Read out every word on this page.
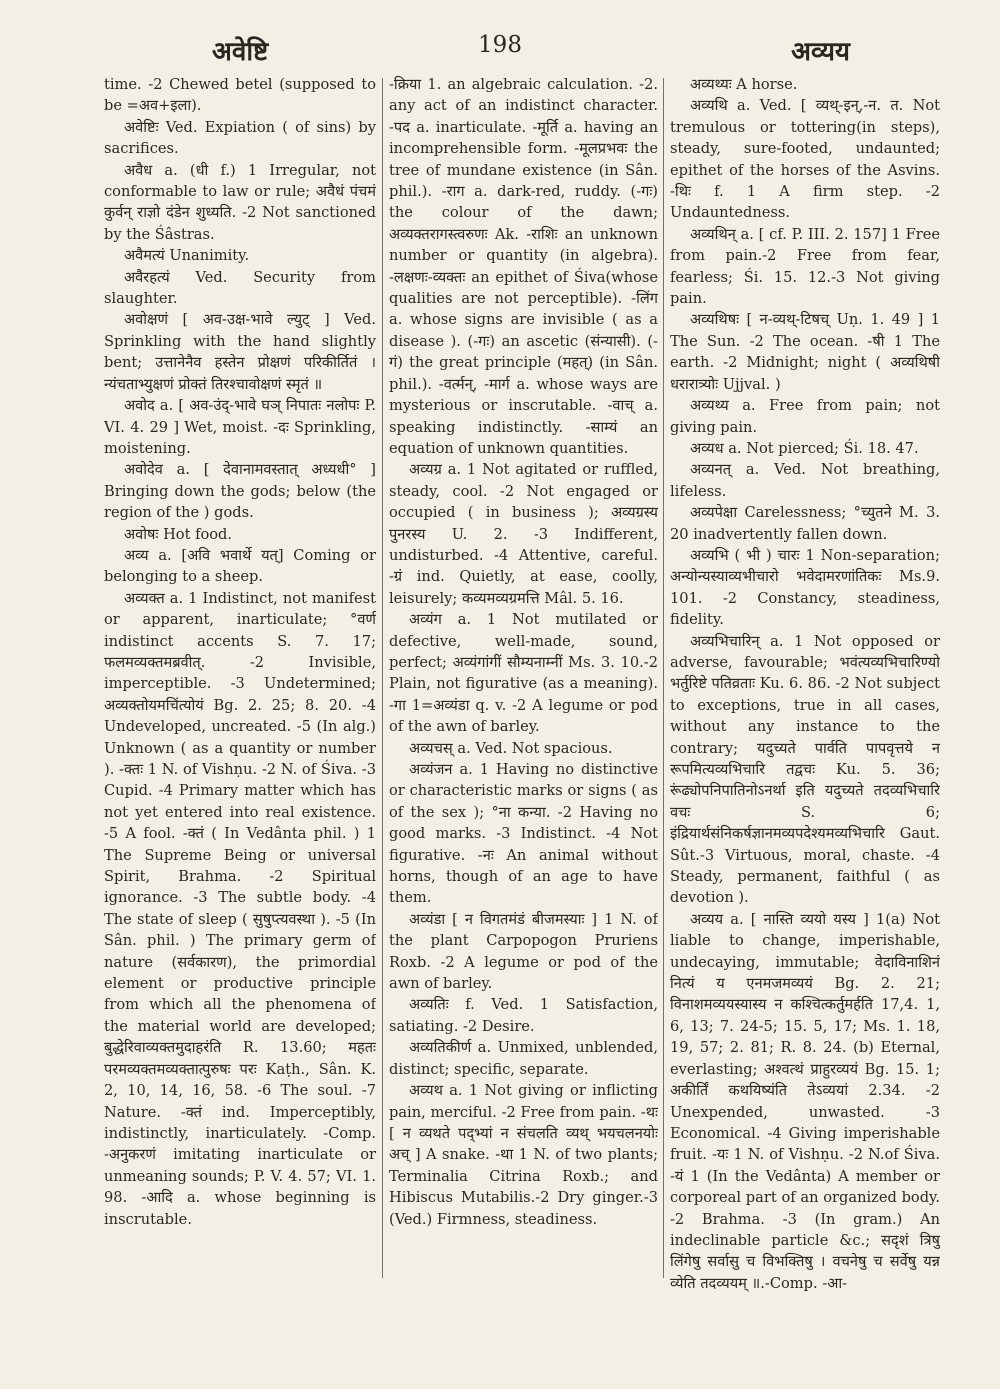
अवेष्टि	198	अव्यय

time. -2 Chewed betel (supposed to be =अव+इला).

अवेष्टिः Ved. Expiation ( of sins) by sacrifices.

अवैध a. (धी f.) 1 Irregular, not conformable to law or rule; अवैधं पंचमं कुर्वन् राज्ञो दंडेन शुध्यति. -2 Not sanctioned by the Śâstras.

अवैमत्यं Unanimity.

अवैरहत्यं Ved. Security from slaughter.

अवोक्षणं [ अव-उक्ष-भावे ल्युट् ] Ved. Sprinkling with the hand slightly bent; उत्तानेनैव हस्तेन प्रोक्षणं परिकीर्तितं । न्यंचताभ्युक्षणं प्रोक्तं तिरश्चावोक्षणं स्मृतं ॥

अवोद a. [ अव-उंद्-भावे घञ् निपातः नलोपः P. VI. 4. 29 ] Wet, moist. -दः Sprinkling, moistening.

अवोदेव a. [ देवानामवस्तात् अध्यधी° ] Bringing down the gods; below (the region of the ) gods.

अवोषः Hot food.

अव्य a. [अवि भवार्थे यत्] Coming or belonging to a sheep.

अव्यक्त a. 1 Indistinct, not manifest or apparent, inarticulate; °वर्ण indistinct accents S. 7. 17; फलमव्यक्तमब्रवीत्. -2 Invisible, imperceptible. -3 Undetermined; अव्यक्तोयमचिंत्योयं Bg. 2. 25; 8. 20. -4 Undeveloped, uncreated. -5 (In alg.) Unknown ( as a quantity or number ). -क्तः 1 N. of Vishṇu. -2 N. of Śiva. -3 Cupid. -4 Primary matter which has not yet entered into real existence. -5 A fool. -क्तं ( In Vedânta phil. ) 1 The Supreme Being or universal Spirit, Brahma. -2 Spiritual ignorance. -3 The subtle body. -4 The state of sleep ( सुषुप्त्यवस्था ). -5 (In Sân. phil. ) The primary germ of nature (सर्वकारण), the primordial element or productive principle from which all the phenomena of the material world are developed; बुद्धेरिवाव्यक्तमुदाहरंति R. 13.60; महतः परमव्यक्तमव्यक्तात्पुरुषः परः Kaṭh., Sân. K. 2, 10, 14, 16, 58. -6 The soul. -7 Nature. -क्तं ind. Imperceptibly, indistinctly, inarticulately. -Comp. -अनुकरणं imitating inarticulate or unmeaning sounds; P. V. 4. 57; VI. 1. 98. -आदि a. whose beginning is inscrutable.

-क्रिया 1. an algebraic calculation. -2. any act of an indistinct character. -पद a. inarticulate. -मूर्ति a. having an incomprehensible form. -मूलप्रभवः the tree of mundane existence (in Sân. phil.). -राग a. dark-red, ruddy. (-गः) the colour of the dawn; अव्यक्तरागस्त्वरुणः Ak. -राशिः an unknown number or quantity (in algebra). -लक्षणः-व्यक्तः an epithet of Śiva(whose qualities are not perceptible). -लिंग a. whose signs are invisible ( as a disease ). (-गः) an ascetic (संन्यासी). (-गं) the great principle (महत्) (in Sân. phil.). -वर्त्मन्, -मार्ग a. whose ways are mysterious or inscrutable. -वाच् a. speaking indistinctly. -साम्यं an equation of unknown quantities.

अव्यग्र a. 1 Not agitated or ruffled, steady, cool. -2 Not engaged or occupied ( in business ); अव्यग्रस्य पुनरस्य U. 2. -3 Indifferent, undisturbed. -4 Attentive, careful. -ग्रं ind. Quietly, at ease, coolly, leisurely; कव्यमव्यग्रमत्ति Mâl. 5. 16.

अव्यंग a. 1 Not mutilated or defective, well-made, sound, perfect; अव्यंगांगीं सौम्यनाम्नीं Ms. 3. 10.-2 Plain, not figurative (as a meaning). -गा 1=अव्यंडा q. v. -2 A legume or pod of the awn of barley.

अव्यचस् a. Ved. Not spacious.

अव्यंजन a. 1 Having no distinctive or characteristic marks or signs ( as of the sex ); °ना कन्या. -2 Having no good marks. -3 Indistinct. -4 Not figurative. -नः An animal without horns, though of an age to have them.

अव्यंडा [ न विगतमंडं बीजमस्याः ] 1 N. of the plant Carpopogon Pruriens Roxb. -2 A legume or pod of the awn of barley.

अव्यतिः f. Ved. 1 Satisfaction, satiating. -2 Desire.

अव्यतिकीर्ण a. Unmixed, unblended, distinct; specific, separate.

अव्यथ a. 1 Not giving or inflicting pain, merciful. -2 Free from pain. -थः [ न व्यथते पद्भ्यां न संचलति व्यथ् भयचलनयोः अच् ] A snake. -था 1 N. of two plants; Terminalia Citrina Roxb.; and Hibiscus Mutabilis.-2 Dry ginger.-3 (Ved.) Firmness, steadiness.

अव्यथ्यः A horse.

अव्यथि a. Ved. [ व्यथ्-इन्,-न. त. Not tremulous or tottering(in steps), steady, sure-footed, undaunted; epithet of the horses of the Asvins. -थिः f. 1 A firm step. -2 Undauntedness.

अव्यथिन् a. [ cf. P. III. 2. 157] 1 Free from pain.-2 Free from fear, fearless; Śi. 15. 12.-3 Not giving pain.

अव्यथिषः [ न-व्यथ्-टिषच् Uṇ. 1. 49 ] 1 The Sun. -2 The ocean. -षी 1 The earth. -2 Midnight; night ( अव्यथिषी धरारात्र्योः Ujjval. )

अव्यथ्य a. Free from pain; not giving pain.

अव्यध a. Not pierced; Śi. 18. 47.

अव्यनत् a. Ved. Not breathing, lifeless.

अव्यपेक्षा Carelessness; °च्युतने M. 3. 20 inadvertently fallen down.

अव्यभि ( भी ) चारः 1 Non-separation; अन्योन्यस्याव्यभीचारो भवेदामरणांतिकः Ms.9. 101. -2 Constancy, steadiness, fidelity.

अव्यभिचारिन् a. 1 Not opposed or adverse, favourable; भवंत्यव्यभिचारिण्यो भर्तुरिष्टे पतिव्रताः Ku. 6. 86. -2 Not subject to exceptions, true in all cases, without any instance to the contrary; यदुच्यते पार्वति पापवृत्तये न रूपमित्यव्यभिचारि तद्वचः Ku. 5. 36; रूंढ्योपनिपातिनोऽनर्था इति यदुच्यते तदव्यभिचारि वचः S. 6; इंद्रियार्थसंनिकर्षज्ञानमव्यपदेश्यमव्यभिचारि Gaut. Sût.-3 Virtuous, moral, chaste. -4 Steady, permanent, faithful ( as devotion ).

अव्यय a. [ नास्ति व्ययो यस्य ] 1(a) Not liable to change, imperishable, undecaying, immutable; वेदाविनाशिनं नित्यं य एनमजमव्ययं Bg. 2. 21; विनाशमव्ययस्यास्य न कश्चित्कर्तुमर्हति 17,4. 1, 6, 13; 7. 24-5; 15. 5, 17; Ms. 1. 18, 19, 57; 2. 81; R. 8. 24. (b) Eternal, everlasting; अश्वत्थं प्राहुरव्ययं Bg. 15. 1; अकीर्तिं कथयिष्यंति तेऽव्ययां 2.34. -2 Unexpended, unwasted. -3 Economical. -4 Giving imperishable fruit. -यः 1 N. of Vishṇu. -2 N.of Śiva. -यं 1 (In the Vedânta) A member or corporeal part of an organized body. -2 Brahma. -3 (In gram.) An indeclinable particle &c.; सदृशं त्रिषु लिंगेषु सर्वासु च विभक्तिषु । वचनेषु च सर्वेषु यन्न व्येति तदव्ययम् ॥.-Comp. -आ-
